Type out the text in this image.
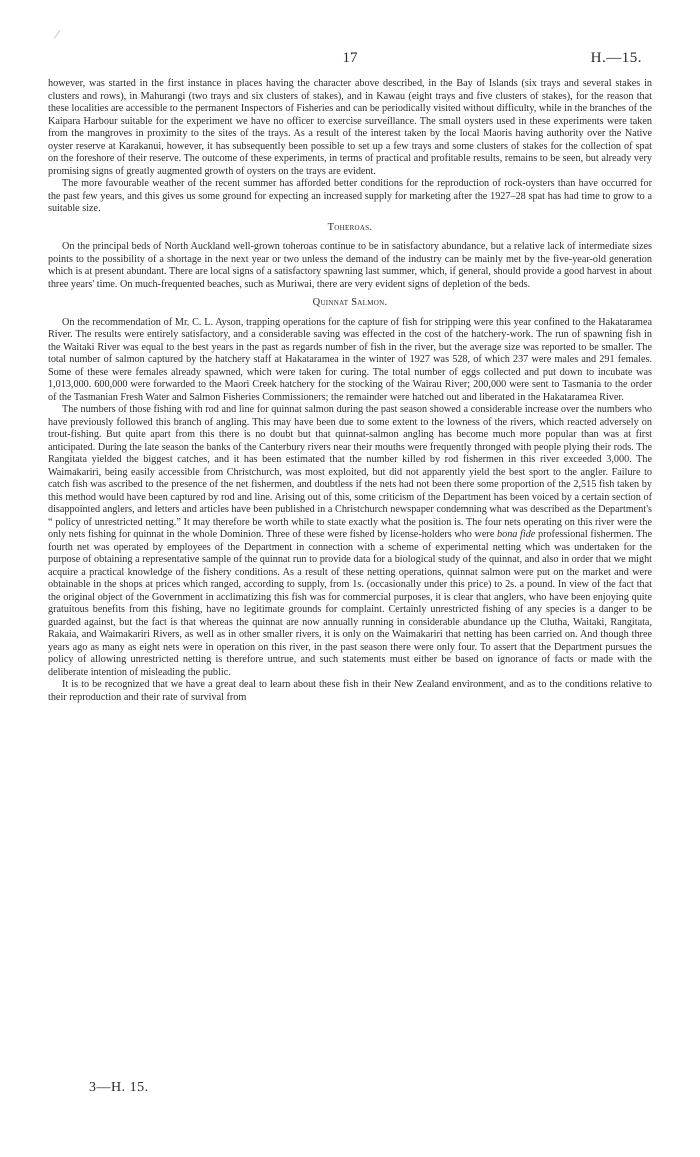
17	H.—15.

however, was started in the first instance in places having the character above described, in the Bay of Islands (six trays and several stakes in clusters and rows), in Mahurangi (two trays and six clusters of stakes), and in Kawau (eight trays and five clusters of stakes), for the reason that these localities are accessible to the permanent Inspectors of Fisheries and can be periodically visited without difficulty, while in the branches of the Kaipara Harbour suitable for the experiment we have no officer to exercise surveillance. The small oysters used in these experiments were taken from the mangroves in proximity to the sites of the trays. As a result of the interest taken by the local Maoris having authority over the Native oyster reserve at Karakanui, however, it has subsequently been possible to set up a few trays and some clusters of stakes for the collection of spat on the foreshore of their reserve. The outcome of these experiments, in terms of practical and profitable results, remains to be seen, but already very promising signs of greatly augmented growth of oysters on the trays are evident.

The more favourable weather of the recent summer has afforded better conditions for the reproduction of rock-oysters than have occurred for the past few years, and this gives us some ground for expecting an increased supply for marketing after the 1927–28 spat has had time to grow to a suitable size.

Toheroas.

On the principal beds of North Auckland well-grown toheroas continue to be in satisfactory abundance, but a relative lack of intermediate sizes points to the possibility of a shortage in the next year or two unless the demand of the industry can be mainly met by the five-year-old generation which is at present abundant. There are local signs of a satisfactory spawning last summer, which, if general, should provide a good harvest in about three years' time. On much-frequented beaches, such as Muriwai, there are very evident signs of depletion of the beds.

Quinnat Salmon.

On the recommendation of Mr. C. L. Ayson, trapping operations for the capture of fish for stripping were this year confined to the Hakataramea River. The results were entirely satisfactory, and a considerable saving was effected in the cost of the hatchery-work. The run of spawning fish in the Waitaki River was equal to the best years in the past as regards number of fish in the river, but the average size was reported to be smaller. The total number of salmon captured by the hatchery staff at Hakataramea in the winter of 1927 was 528, of which 237 were males and 291 females. Some of these were females already spawned, which were taken for curing. The total number of eggs collected and put down to incubate was 1,013,000. 600,000 were forwarded to the Maori Creek hatchery for the stocking of the Wairau River; 200,000 were sent to Tasmania to the order of the Tasmanian Fresh Water and Salmon Fisheries Commissioners; the remainder were hatched out and liberated in the Hakataramea River.

The numbers of those fishing with rod and line for quinnat salmon during the past season showed a considerable increase over the numbers who have previously followed this branch of angling. This may have been due to some extent to the lowness of the rivers, which reacted adversely on trout-fishing. But quite apart from this there is no doubt but that quinnat-salmon angling has become much more popular than was at first anticipated. During the late season the banks of the Canterbury rivers near their mouths were frequently thronged with people plying their rods. The Rangitata yielded the biggest catches, and it has been estimated that the number killed by rod fishermen in this river exceeded 3,000. The Waimakariri, being easily accessible from Christchurch, was most exploited, but did not apparently yield the best sport to the angler. Failure to catch fish was ascribed to the presence of the net fishermen, and doubtless if the nets had not been there some proportion of the 2,515 fish taken by this method would have been captured by rod and line. Arising out of this, some criticism of the Department has been voiced by a certain section of disappointed anglers, and letters and articles have been published in a Christchurch newspaper condemning what was described as the Department's “ policy of unrestricted netting.” It may therefore be worth while to state exactly what the position is. The four nets operating on this river were the only nets fishing for quinnat in the whole Dominion. Three of these were fished by license-holders who were bona fide professional fishermen. The fourth net was operated by employees of the Department in connection with a scheme of experimental netting which was undertaken for the purpose of obtaining a representative sample of the quinnat run to provide data for a biological study of the quinnat, and also in order that we might acquire a practical knowledge of the fishery conditions. As a result of these netting operations, quinnat salmon were put on the market and were obtainable in the shops at prices which ranged, according to supply, from 1s. (occasionally under this price) to 2s. a pound. In view of the fact that the original object of the Government in acclimatizing this fish was for commercial purposes, it is clear that anglers, who have been enjoying quite gratuitous benefits from this fishing, have no legitimate grounds for complaint. Certainly unrestricted fishing of any species is a danger to be guarded against, but the fact is that whereas the quinnat are now annually running in considerable abundance up the Clutha, Waitaki, Rangitata, Rakaia, and Waimakariri Rivers, as well as in other smaller rivers, it is only on the Waimakariri that netting has been carried on. And though three years ago as many as eight nets were in operation on this river, in the past season there were only four. To assert that the Department pursues the policy of allowing unrestricted netting is therefore untrue, and such statements must either be based on ignorance of facts or made with the deliberate intention of misleading the public.

It is to be recognized that we have a great deal to learn about these fish in their New Zealand environment, and as to the conditions relative to their reproduction and their rate of survival from

3—H. 15.
